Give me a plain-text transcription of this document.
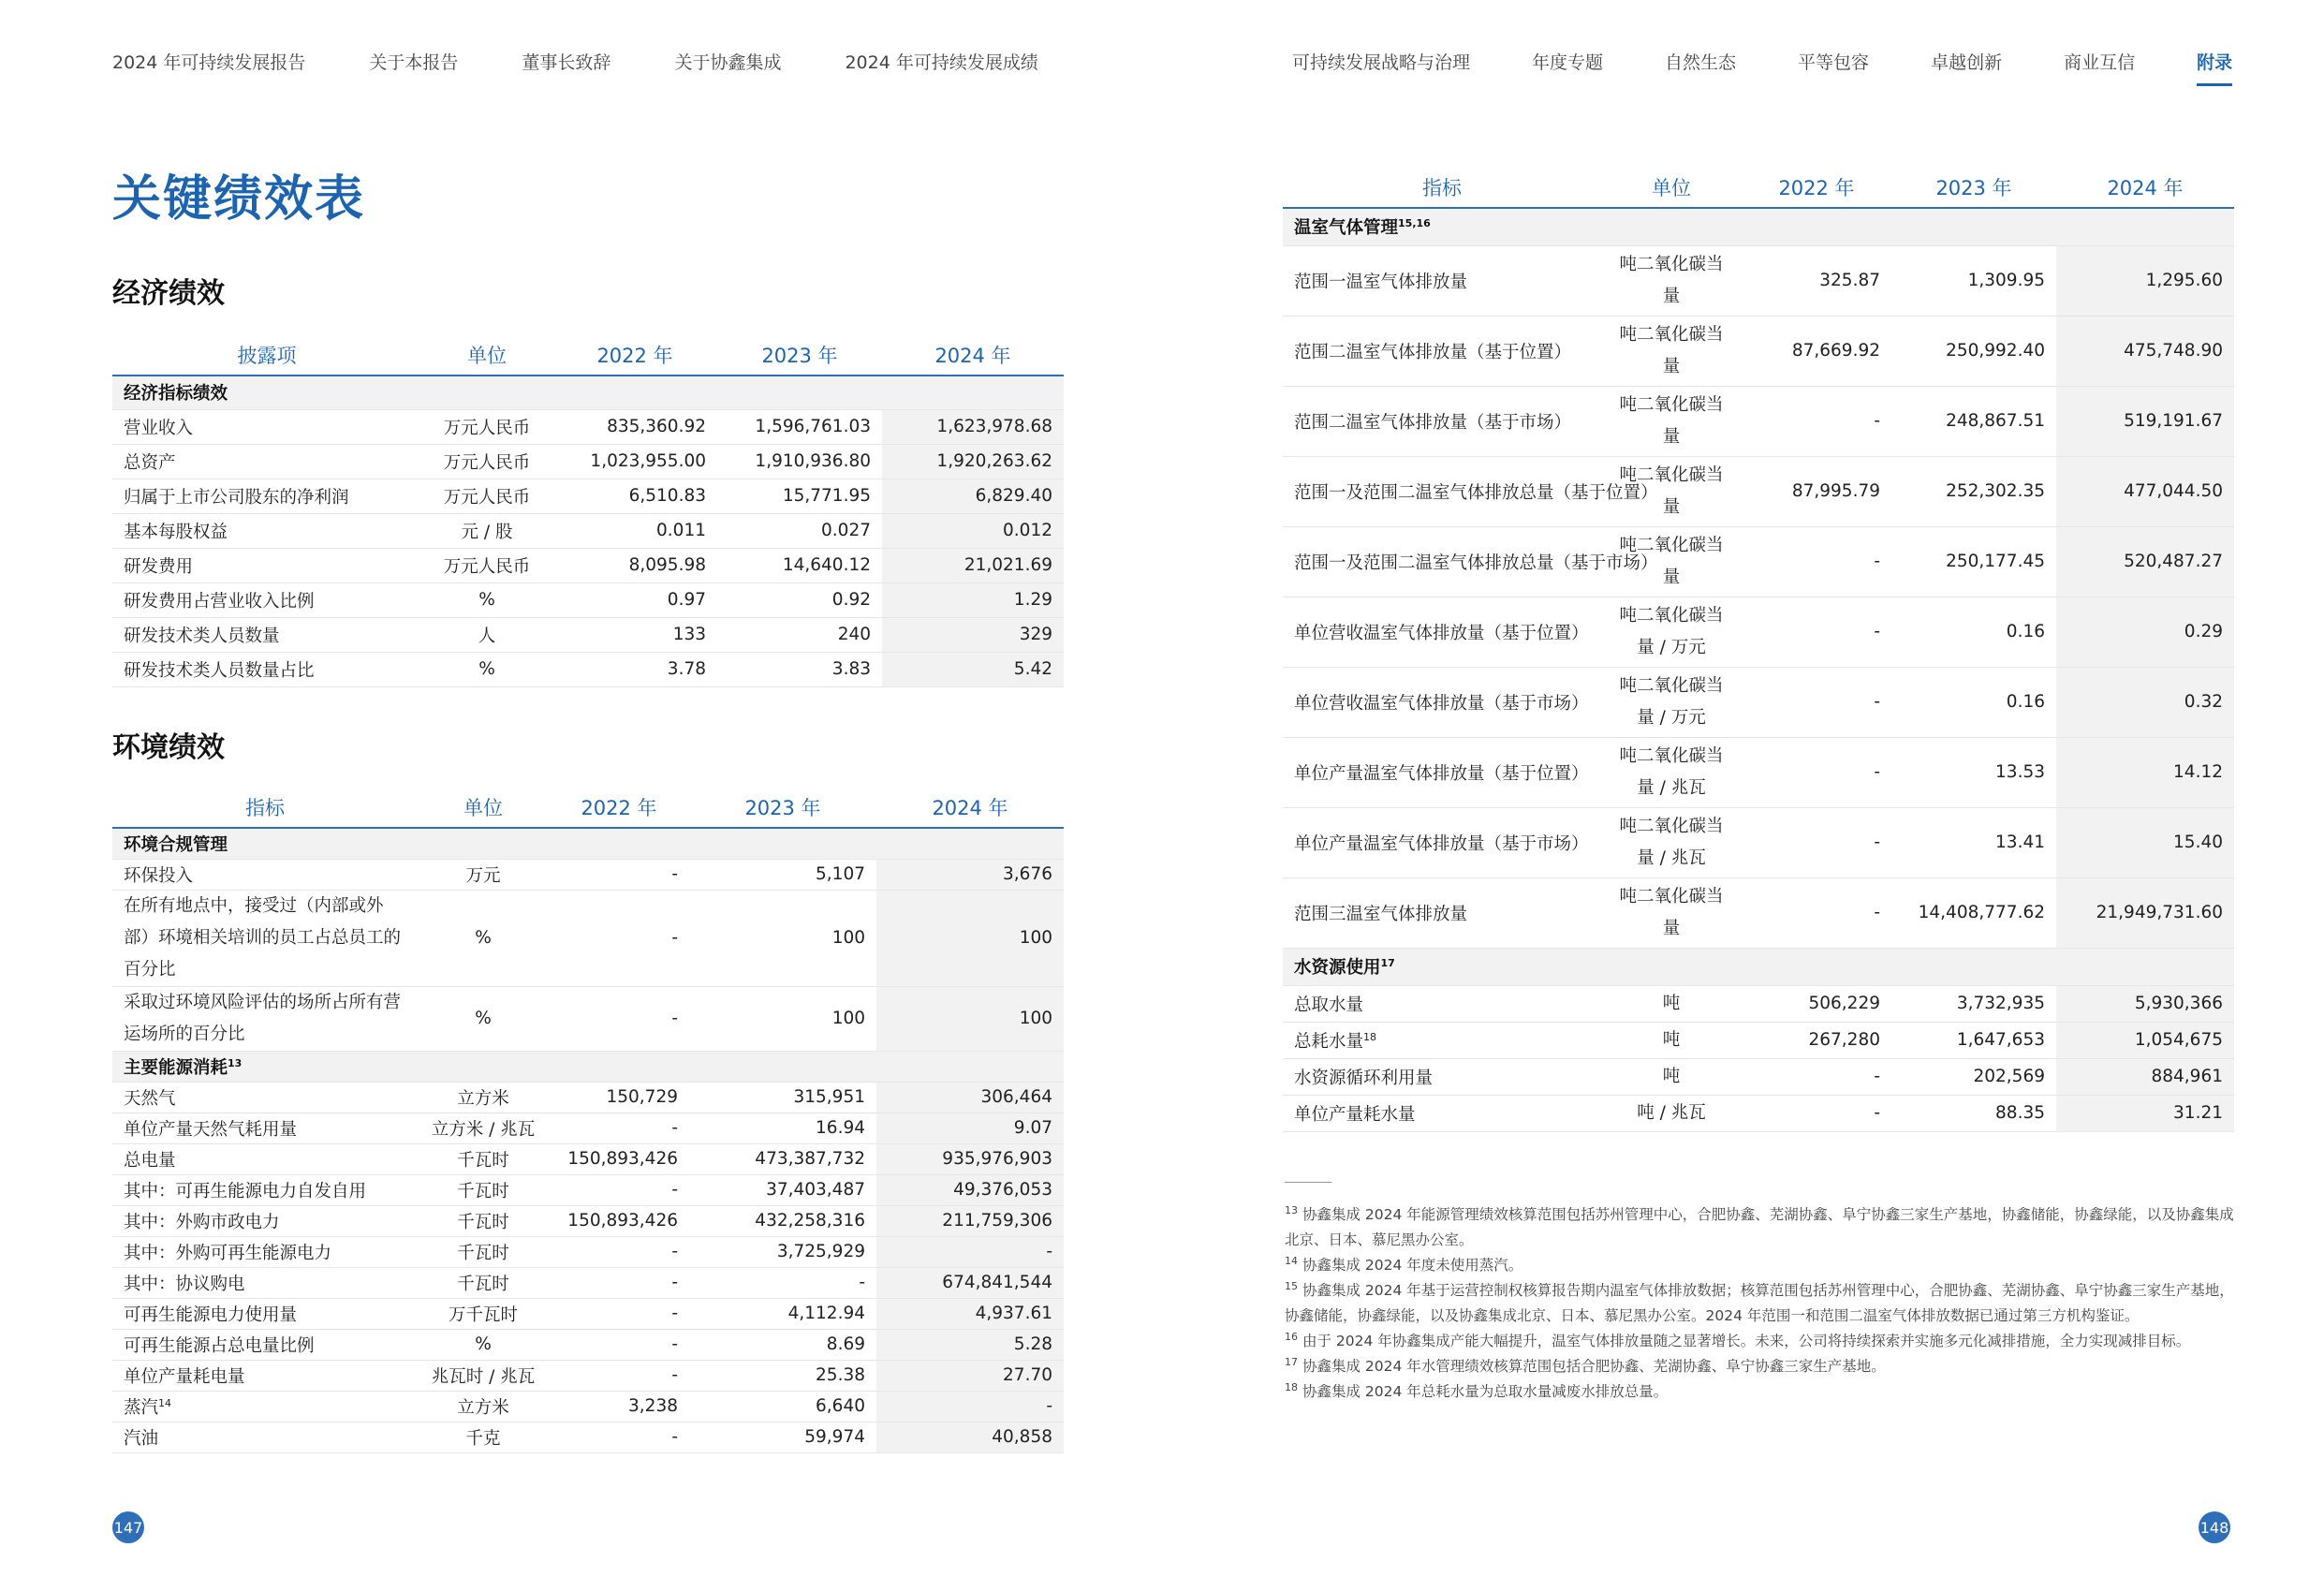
2024 年可持续发展报告	关于本报告	董事长致辞	关于协鑫集成	2024 年可持续发展成绩	可持续发展战略与治理	年度专题	自然生态	平等包容	卓越创新	商业互信	附录
关键绩效表
经济绩效
披露项	单位	2022 年	2023 年	2024 年
经济指标绩效				
营业收入	万元人民币	835,360.92	1,596,761.03	1,623,978.68
总资产	万元人民币	1,023,955.00	1,910,936.80	1,920,263.62
归属于上市公司股东的净利润	万元人民币	6,510.83	15,771.95	6,829.40
基本每股权益	元 / 股	0.011	0.027	0.012
研发费用	万元人民币	8,095.98	14,640.12	21,021.69
研发费用占营业收入比例	%	0.97	0.92	1.29
研发技术类人员数量	人	133	240	329
研发技术类人员数量占比	%	3.78	3.83	5.42
环境绩效
指标	单位	2022 年	2023 年	2024 年
环境合规管理				
环保投入	万元	-	5,107	3,676
在所有地点中，接受过（内部或外部）环境相关培训的员工占总员工的百分比	%	-	100	100
采取过环境风险评估的场所占所有营运场所的百分比	%	-	100	100
主要能源消耗$^{13}$
天然气	立方米	150,729	315,951	306,464
单位产量天然气耗用量	立方米 / 兆瓦	-	16.94	9.07
总电量	千瓦时	150,893,426	473,387,732	935,976,903
其中：可再生能源电力自发自用	千瓦时	-	37,403,487	49,376,053
其中：外购市政电力	千瓦时	150,893,426	432,258,316	211,759,306
其中：外购可再生能源电力	千瓦时	-	3,725,929	-
其中：协议购电	千瓦时	-	-	674,841,544
可再生能源电力使用量	万千瓦时	-	4,112.94	4,937.61
可再生能源占总电量比例	%	-	8.69	5.28
单位产量耗电量	兆瓦时 / 兆瓦	-	25.38	27.70
蒸汽$^{14}$	立方米	3,238	6,640	-
汽油	千克	-	59,974	40,858
指标	单位	2022 年	2023 年	2024 年
温室气体管理$^{15,16}$
范围一温室气体排放量	吨二氧化碳当量	325.87	1,309.95	1,295.60
范围二温室气体排放量（基于位置）	吨二氧化碳当量	87,669.92	250,992.40	475,748.90
范围二温室气体排放量（基于市场）	吨二氧化碳当量	-	248,867.51	519,191.67
范围一及范围二温室气体排放总量（基于位置）	吨二氧化碳当量	87,995.79	252,302.35	477,044.50
范围一及范围二温室气体排放总量（基于市场）	吨二氧化碳当量	-	250,177.45	520,487.27
单位营收温室气体排放量（基于位置）	吨二氧化碳当量 / 万元	-	0.16	0.29
单位营收温室气体排放量（基于市场）	吨二氧化碳当量 / 万元	-	0.16	0.32
单位产量温室气体排放量（基于位置）	吨二氧化碳当量 / 兆瓦	-	13.53	14.12
单位产量温室气体排放量（基于市场）	吨二氧化碳当量 / 兆瓦	-	13.41	15.40
范围三温室气体排放量	吨二氧化碳当量	-	14,408,777.62	21,949,731.60
水资源使用$^{17}$
总取水量	吨	506,229	3,732,935	5,930,366
总耗水量$^{18}$	吨	267,280	1,647,653	1,054,675
水资源循环利用量	吨	-	202,569	884,961
单位产量耗水量	吨 / 兆瓦	-	88.35	31.21
$^{13}$ 协鑫集成 2024 年能源管理绩效核算范围包括苏州管理中心，合肥协鑫、芜湖协鑫、阜宁协鑫三家生产基地，协鑫储能，协鑫绿能，以及协鑫集成北京、日本、慕尼黑办公室。
$^{14}$ 协鑫集成 2024 年度未使用蒸汽。
$^{15}$ 协鑫集成 2024 年基于运营控制权核算报告期内温室气体排放数据；核算范围包括苏州管理中心，合肥协鑫、芜湖协鑫、阜宁协鑫三家生产基地，协鑫储能，协鑫绿能，以及协鑫集成北京、日本、慕尼黑办公室。2024 年范围一和范围二温室气体排放数据已通过第三方机构鉴证。
$^{16}$ 由于 2024 年协鑫集成产能大幅提升，温室气体排放量随之显著增长。未来，公司将持续探索并实施多元化减排措施，全力实现减排目标。
$^{17}$ 协鑫集成 2024 年水管理绩效核算范围包括合肥协鑫、芜湖协鑫、阜宁协鑫三家生产基地。
$^{18}$ 协鑫集成 2024 年总耗水量为总取水量减废水排放总量。
147	148
